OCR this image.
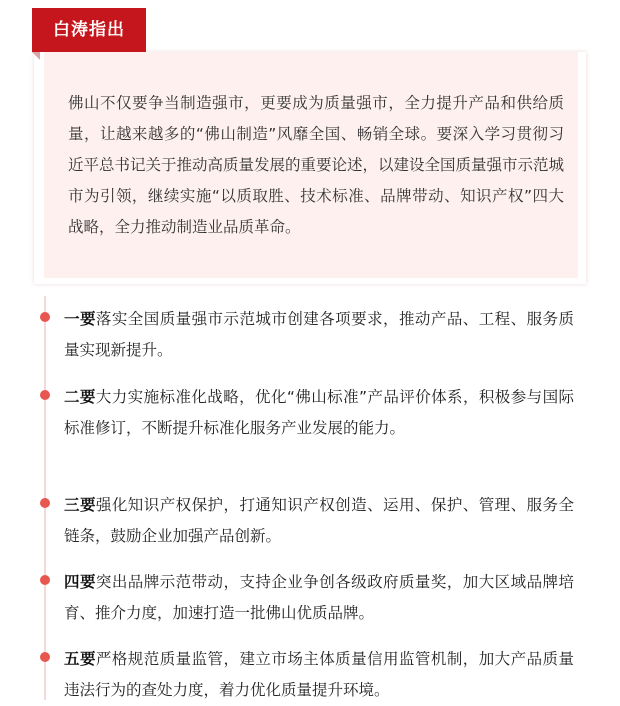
白涛指出

佛山不仅要争当制造强市，更要成为质量强市，全力提升产品和供给质量，让越来越多的“佛山制造”风靡全国、畅销全球。要深入学习贯彻习近平总书记关于推动高质量发展的重要论述，以建设全国质量强市示范城市为引领，继续实施“以质取胜、技术标准、品牌带动、知识产权”四大战略，全力推动制造业品质革命。

一要落实全国质量强市示范城市创建各项要求，推动产品、工程、服务质量实现新提升。

二要大力实施标准化战略，优化“佛山标准”产品评价体系，积极参与国际标准修订，不断提升标准化服务产业发展的能力。

三要强化知识产权保护，打通知识产权创造、运用、保护、管理、服务全链条，鼓励企业加强产品创新。

四要突出品牌示范带动，支持企业争创各级政府质量奖，加大区域品牌培育、推介力度，加速打造一批佛山优质品牌。

五要严格规范质量监管，建立市场主体质量信用监管机制，加大产品质量违法行为的查处力度，着力优化质量提升环境。
